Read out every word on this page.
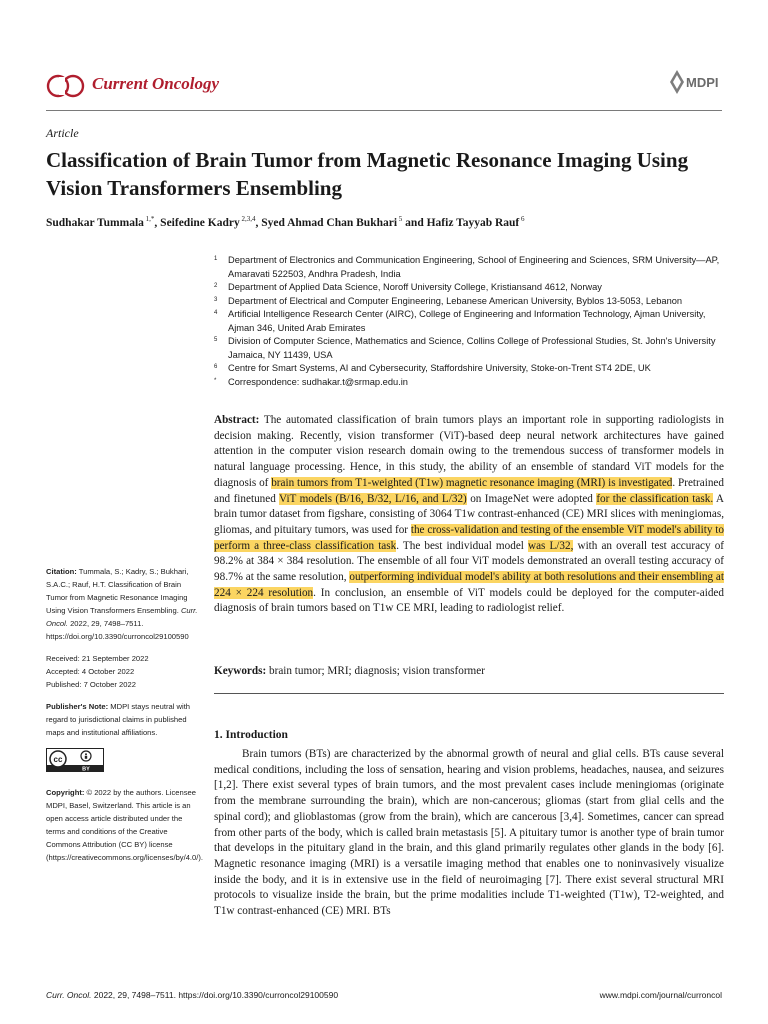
Current Oncology	MDPI
Article
Classification of Brain Tumor from Magnetic Resonance Imaging Using Vision Transformers Ensembling
Sudhakar Tummala $^{1,*}$, Seifedine Kadry $^{2,3,4}$, Syed Ahmad Chan Bukhari $^5$ and Hafiz Tayyab Rauf $^6$
1 Department of Electronics and Communication Engineering, School of Engineering and Sciences, SRM University—AP, Amaravati 522503, Andhra Pradesh, India
2 Department of Applied Data Science, Noroff University College, Kristiansand 4612, Norway
3 Department of Electrical and Computer Engineering, Lebanese American University, Byblos 13-5053, Lebanon
4 Artificial Intelligence Research Center (AIRC), College of Engineering and Information Technology, Ajman University, Ajman 346, United Arab Emirates
5 Division of Computer Science, Mathematics and Science, Collins College of Professional Studies, St. John's University Jamaica, NY 11439, USA
6 Centre for Smart Systems, AI and Cybersecurity, Staffordshire University, Stoke-on-Trent ST4 2DE, UK
* Correspondence: sudhakar.t@srmap.edu.in
Abstract: The automated classification of brain tumors plays an important role in supporting radiologists in decision making. Recently, vision transformer (ViT)-based deep neural network architectures have gained attention in the computer vision research domain owing to the tremendous success of transformer models in natural language processing. Hence, in this study, the ability of an ensemble of standard ViT models for the diagnosis of brain tumors from T1-weighted (T1w) magnetic resonance imaging (MRI) is investigated. Pretrained and finetuned ViT models (B/16, B/32, L/16, and L/32) on ImageNet were adopted for the classification task. A brain tumor dataset from figshare, consisting of 3064 T1w contrast-enhanced (CE) MRI slices with meningiomas, gliomas, and pituitary tumors, was used for the cross-validation and testing of the ensemble ViT model's ability to perform a three-class classification task. The best individual model was L/32, with an overall test accuracy of 98.2% at 384 × 384 resolution. The ensemble of all four ViT models demonstrated an overall testing accuracy of 98.7% at the same resolution, outperforming individual model's ability at both resolutions and their ensembling at 224 × 224 resolution. In conclusion, an ensemble of ViT models could be deployed for the computer-aided diagnosis of brain tumors based on T1w CE MRI, leading to radiologist relief.
Keywords: brain tumor; MRI; diagnosis; vision transformer
Citation: Tummala, S.; Kadry, S.; Bukhari, S.A.C.; Rauf, H.T. Classification of Brain Tumor from Magnetic Resonance Imaging Using Vision Transformers Ensembling. Curr. Oncol. 2022, 29, 7498–7511. https://doi.org/10.3390/curroncol29100590
Received: 21 September 2022
Accepted: 4 October 2022
Published: 7 October 2022
Publisher's Note: MDPI stays neutral with regard to jurisdictional claims in published maps and institutional affiliations.
cc
BY
Copyright: © 2022 by the authors. Licensee MDPI, Basel, Switzerland. This article is an open access article distributed under the terms and conditions of the Creative Commons Attribution (CC BY) license (https://creativecommons.org/licenses/by/4.0/).
1. Introduction
Brain tumors (BTs) are characterized by the abnormal growth of neural and glial cells. BTs cause several medical conditions, including the loss of sensation, hearing and vision problems, headaches, nausea, and seizures [1,2]. There exist several types of brain tumors, and the most prevalent cases include meningiomas (originate from the membrane surrounding the brain), which are non-cancerous; gliomas (start from glial cells and the spinal cord); and glioblastomas (grow from the brain), which are cancerous [3,4]. Sometimes, cancer can spread from other parts of the body, which is called brain metastasis [5]. A pituitary tumor is another type of brain tumor that develops in the pituitary gland in the brain, and this gland primarily regulates other glands in the body [6]. Magnetic resonance imaging (MRI) is a versatile imaging method that enables one to noninvasively visualize inside the body, and it is in extensive use in the field of neuroimaging [7]. There exist several structural MRI protocols to visualize inside the brain, but the prime modalities include T1-weighted (T1w), T2-weighted, and T1w contrast-enhanced (CE) MRI. BTs
Curr. Oncol. 2022, 29, 7498–7511. https://doi.org/10.3390/curroncol29100590	www.mdpi.com/journal/curroncol
